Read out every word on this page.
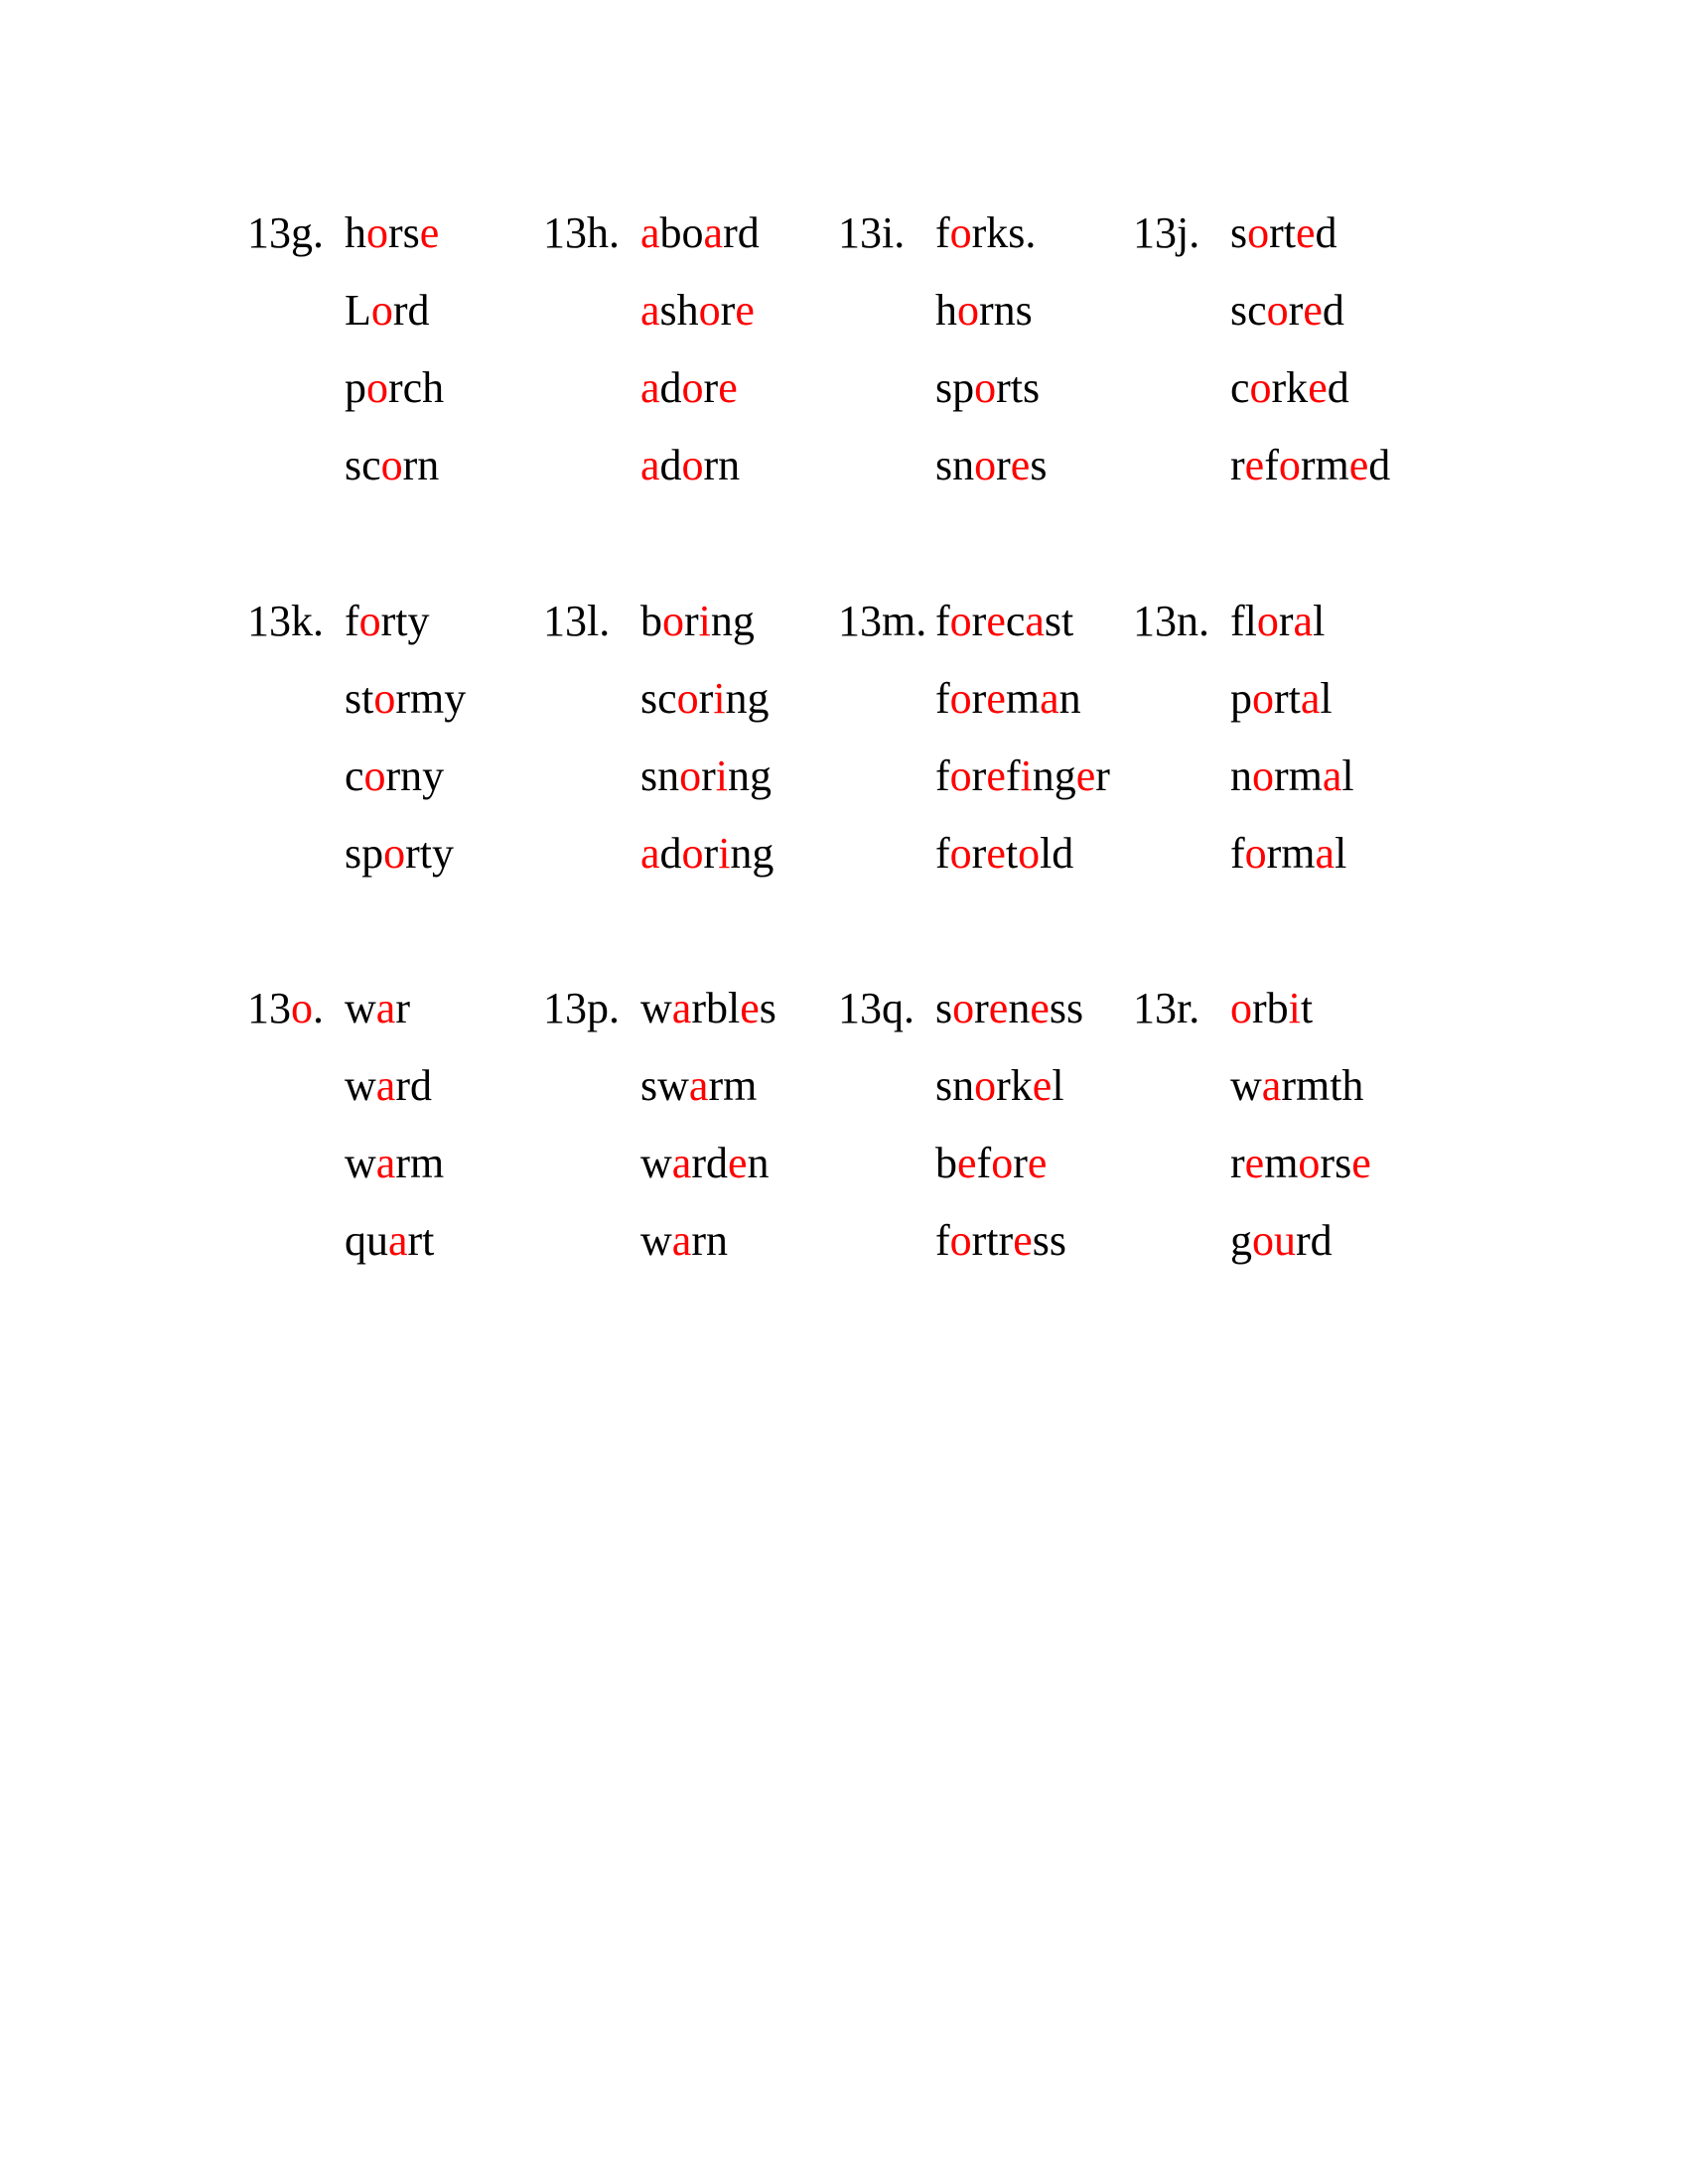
13g. horse
Lord
porch
scorn
13h. aboard
ashore
adore
adorn
13i. forks.
horns
sports
snores
13j. sorted
scored
corked
reformed
13k. forty
stormy
corny
sporty
13l. boring
scoring
snoring
adoring
13m. forecast
foreman
forefinger
foretold
13n. floral
portal
normal
formal
13o. war
ward
warm
quart
13p. warbles
swarm
warden
warn
13q. soreness
snorkel
before
fortress
13r. orbit
warmth
remorse
gourd
